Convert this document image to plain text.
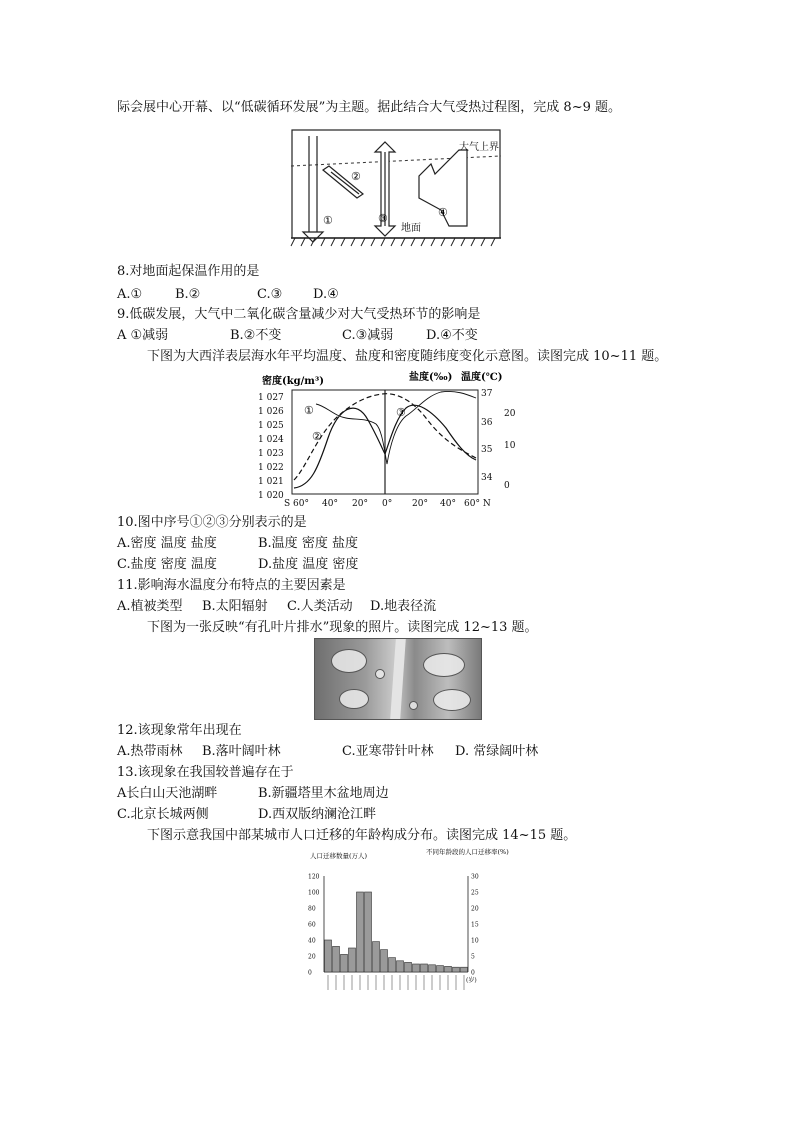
际会展中心开幕、以“低碳循环发展”为主题。据此结合大气受热过程图，完成 8~9 题。
大气上界
地面
①
②
③	④
8.对地面起保温作用的是
A.①	B.②	C.③ D.④
9.低碳发展，大气中二氧化碳含量减少对大气受热环节的影响是
A ①减弱	B.②不变	C.③减弱	D.④不变
下图为大西洋表层海水年平均温度、盐度和密度随纬度变化示意图。读图完成 10~11 题。
密度(kg/m³)	盐度(‰) 温度(℃)
1 027
1 026
1 025
1 024
1 023
1 022
1 021
1 020
37
36
35
34
20
10
0
①
②
③
S 60° 40° 20° 0° 20° 40° 60° N
10.图中序号①②③分别表示的是
A.密度 温度 盐度	B.温度 密度 盐度
C.盐度 密度 温度	D.盐度 温度 密度
11.影响海水温度分布特点的主要因素是
A.植被类型 B.太阳辐射 C.人类活动 D.地表径流
下图为一张反映“有孔叶片排水”现象的照片。读图完成 12~13 题。
12.该现象常年出现在
A.热带雨林 B.落叶阔叶林	C.亚寒带针叶林 D. 常绿阔叶林
13.该现象在我国较普遍存在于
A长白山天池湖畔	B.新疆塔里木盆地周边
C.北京长城两侧	D.西双版纳澜沧江畔
下图示意我国中部某城市人口迁移的年龄构成分布。读图完成 14~15 题。
人口迁移数量(万人)	不同年龄段的人口迁移率(%)
120
100
80
60
40
20
0
30
25
20
15
10
5
0
(岁)
